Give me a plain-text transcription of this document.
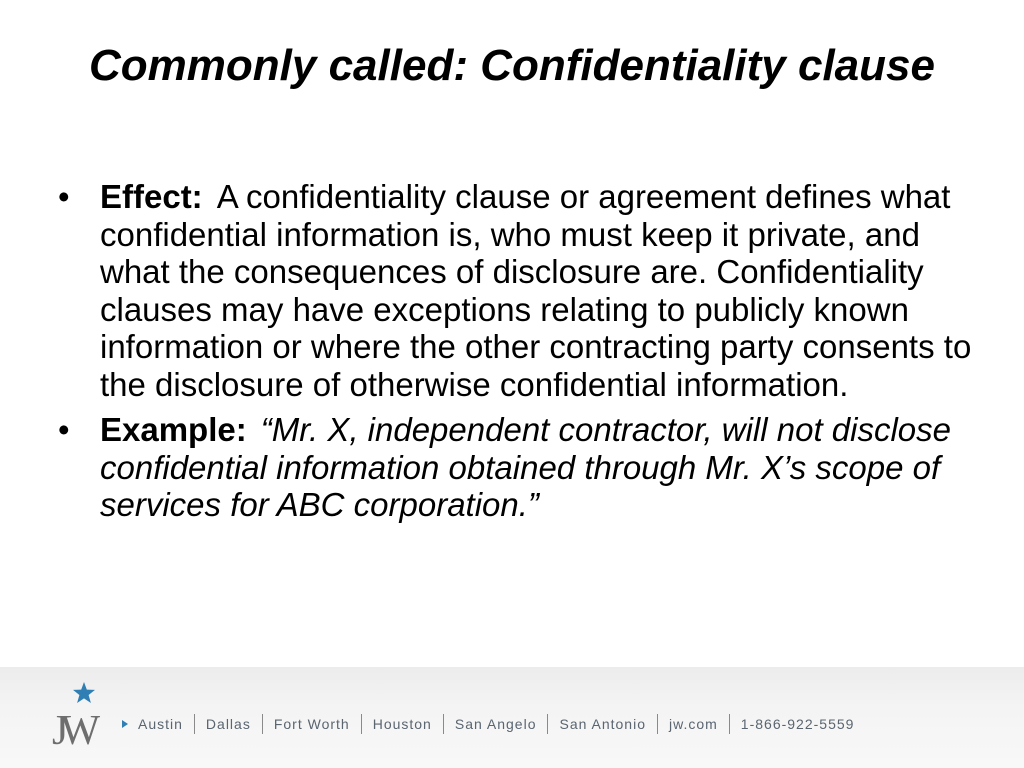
Commonly called: Confidentiality clause
• Effect: A confidentiality clause or agreement defines what confidential information is, who must keep it private, and what the consequences of disclosure are. Confidentiality clauses may have exceptions relating to publicly known information or where the other contracting party consents to the disclosure of otherwise confidential information.
• Example: “Mr. X, independent contractor, will not disclose confidential information obtained through Mr. X’s scope of services for ABC corporation.”
JW	Austin Dallas Fort Worth Houston San Angelo San Antonio jw.com 1-866-922-5559
